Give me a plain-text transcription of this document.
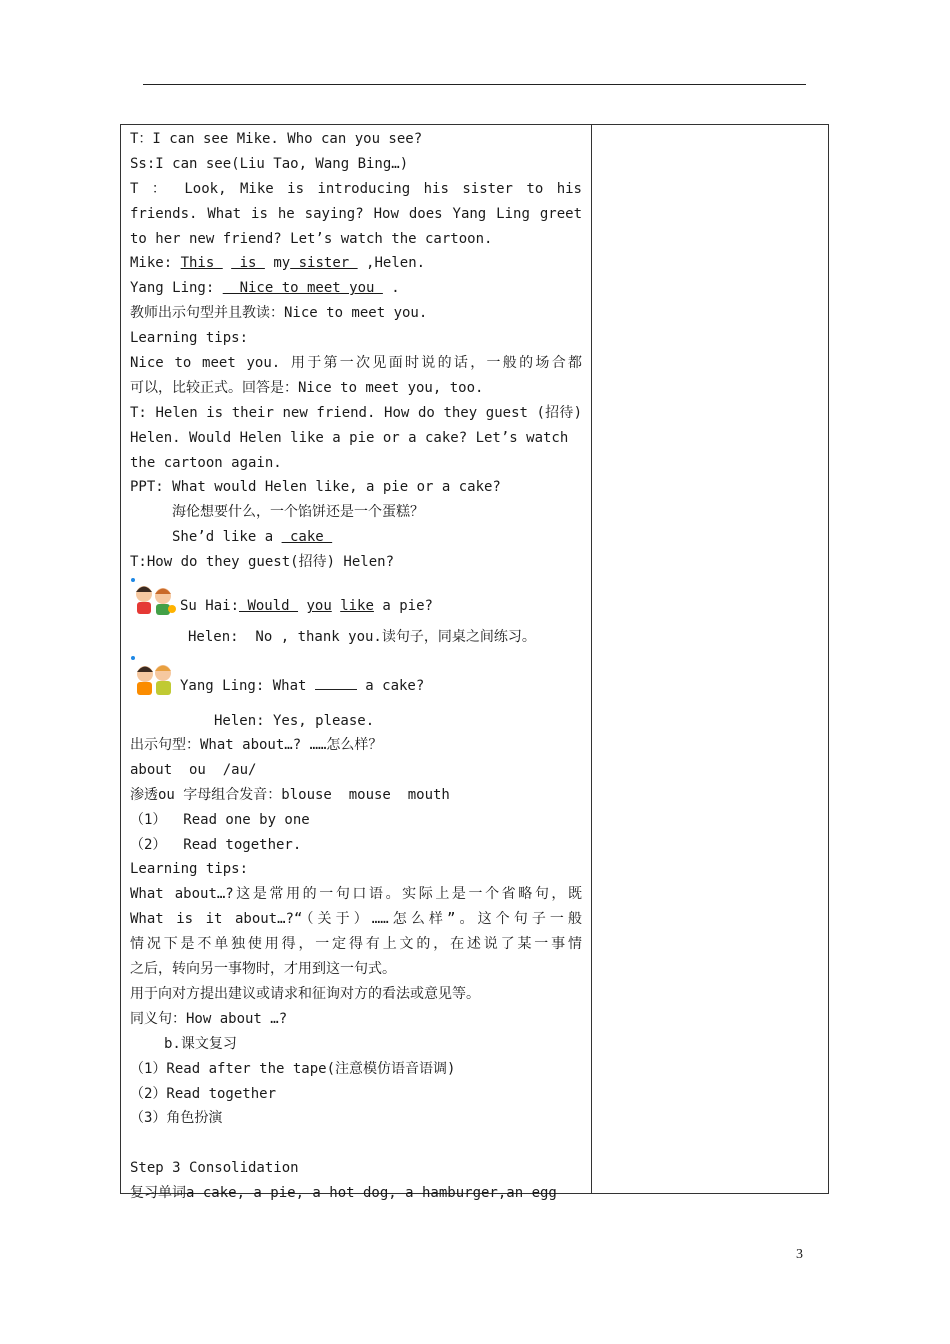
T：I can see Mike. Who can you see?
Ss:I can see(Liu Tao, Wang Bing…)
T ： Look, Mike is introducing his sister to his
friends. What is he saying? How does Yang Ling greet
to her new friend? Let’s watch the cartoon.
Mike: This   is  my sister  ,Helen.
Yang Ling:   Nice to meet you  .
教师出示句型并且教读：Nice to meet you.
Learning tips:
Nice to meet you. 用于第一次见面时说的话，一般的场合都
可以，比较正式。回答是：Nice to meet you, too.
T: Helen is their new friend. How do they guest (招待)
Helen. Would Helen like a pie or a cake? Let’s watch
the cartoon again.
PPT: What would Helen like, a pie or a cake?
海伦想要什么，一个馅饼还是一个蛋糕？
She’d like a  cake
T:How do they guest(招待) Helen?
Su Hai: Would  you like a pie?
Helen:  No , thank you.读句子，同桌之间练习。
Yang Ling: What	a cake?
Helen: Yes, please.
出示句型：What about…? ……怎么样？
about  ou  /au/
渗透ou 字母组合发音：blouse  mouse  mouth
（1）  Read one by one
（2）  Read together.
Learning tips:
What about…?这是常用的一句口语。实际上是一个省略句，既
What is it about…?“（关于）……怎么样”。这个句子一般
情况下是不单独使用得，一定得有上文的，在述说了某一事情
之后，转向另一事物时，才用到这一句式。
用于向对方提出建议或请求和征询对方的看法或意见等。
同义句：How about …?
b.课文复习
（1）Read after the tape(注意模仿语音语调)
（2）Read together
（3）角色扮演
Step 3 Consolidation
复习单词a cake, a pie, a hot dog, a hamburger,an egg
3
